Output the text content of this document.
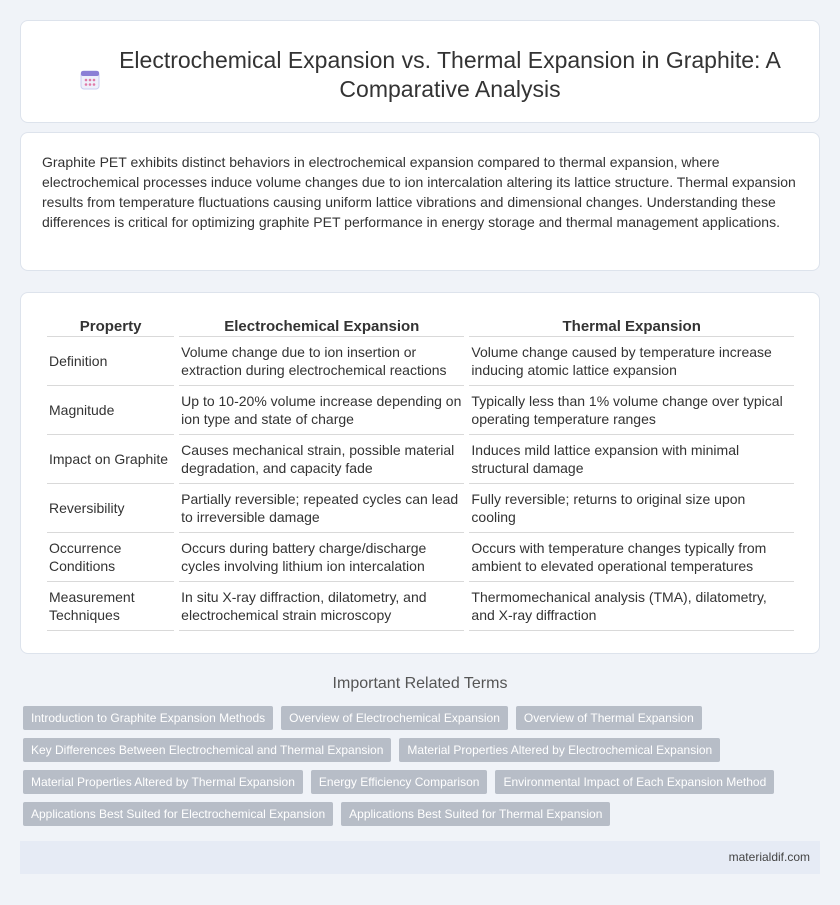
Electrochemical Expansion vs. Thermal Expansion in Graphite: A Comparative Analysis

Graphite PET exhibits distinct behaviors in electrochemical expansion compared to thermal expansion, where electrochemical processes induce volume changes due to ion intercalation altering its lattice structure. Thermal expansion results from temperature fluctuations causing uniform lattice vibrations and dimensional changes. Understanding these differences is critical for optimizing graphite PET performance in energy storage and thermal management applications.

Property	Electrochemical Expansion	Thermal Expansion
Definition	Volume change due to ion insertion or extraction during electrochemical reactions	Volume change caused by temperature increase inducing atomic lattice expansion
Magnitude	Up to 10-20% volume increase depending on ion type and state of charge	Typically less than 1% volume change over typical operating temperature ranges
Impact on Graphite	Causes mechanical strain, possible material degradation, and capacity fade	Induces mild lattice expansion with minimal structural damage
Reversibility	Partially reversible; repeated cycles can lead to irreversible damage	Fully reversible; returns to original size upon cooling
Occurrence Conditions	Occurs during battery charge/discharge cycles involving lithium ion intercalation	Occurs with temperature changes typically from ambient to elevated operational temperatures
Measurement Techniques	In situ X-ray diffraction, dilatometry, and electrochemical strain microscopy	Thermomechanical analysis (TMA), dilatometry, and X-ray diffraction
Important Related Terms
Introduction to Graphite Expansion Methods	Overview of Electrochemical Expansion	Overview of Thermal Expansion
Key Differences Between Electrochemical and Thermal Expansion	Material Properties Altered by Electrochemical Expansion
Material Properties Altered by Thermal Expansion	Energy Efficiency Comparison	Environmental Impact of Each Expansion Method
Applications Best Suited for Electrochemical Expansion	Applications Best Suited for Thermal Expansion
materialdif.com
